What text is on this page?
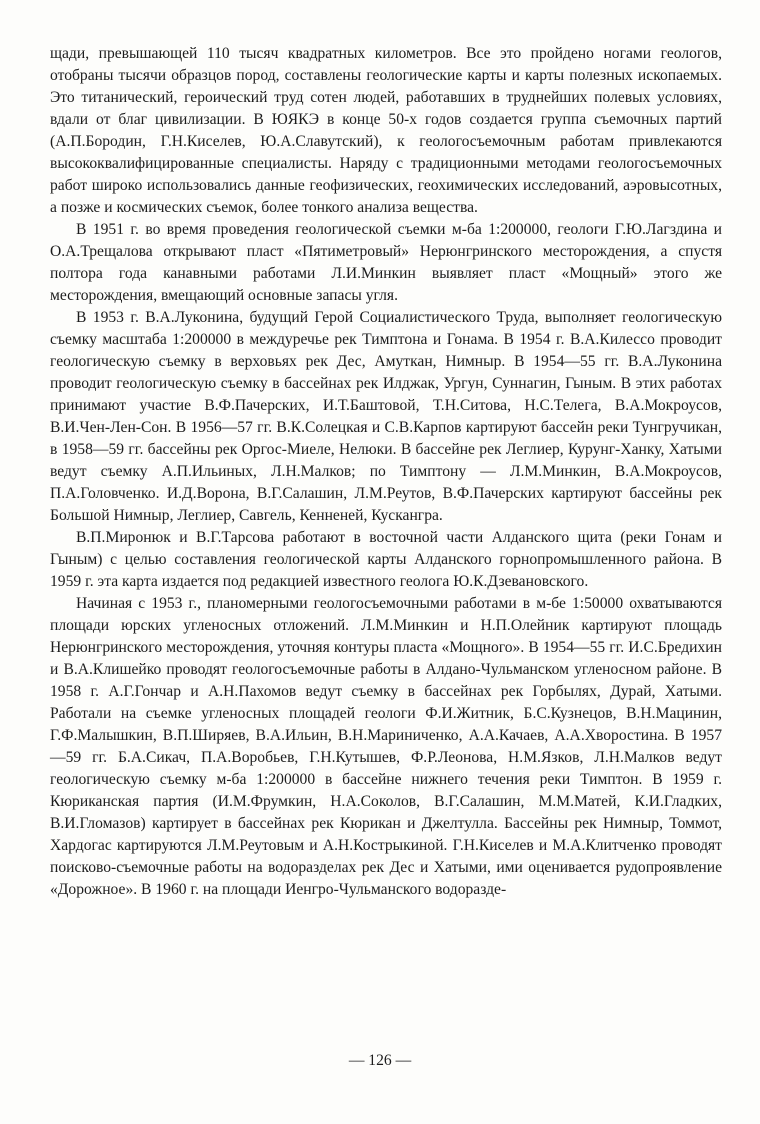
щади, превышающей 110 тысяч квадратных километров. Все это пройдено ногами геологов, отобраны тысячи образцов пород, составлены геологические карты и карты полезных ископаемых. Это титанический, героический труд сотен людей, работавших в труднейших полевых условиях, вдали от благ цивилизации. В ЮЯКЭ в конце 50-х годов создается группа съемочных партий (А.П.Бородин, Г.Н.Киселев, Ю.А.Славутский), к геологосъемочным работам привлекаются высококвалифицированные специалисты. Наряду с традиционными методами геологосъемочных работ широко использовались данные геофизических, геохимических исследований, аэровысотных, а позже и космических съемок, более тонкого анализа вещества.

В 1951 г. во время проведения геологической съемки м-ба 1:200000, геологи Г.Ю.Лагздина и О.А.Трещалова открывают пласт «Пятиметровый» Нерюнгринского месторождения, а спустя полтора года канавными работами Л.И.Минкин выявляет пласт «Мощный» этого же месторождения, вмещающий основные запасы угля.

В 1953 г. В.А.Луконина, будущий Герой Социалистического Труда, выполняет геологическую съемку масштаба 1:200000 в междуречье рек Тимптона и Гонама. В 1954 г. В.А.Килессо проводит геологическую съемку в верховьях рек Дес, Амуткан, Нимныр. В 1954—55 гг. В.А.Луконина проводит геологическую съемку в бассейнах рек Илджак, Ургун, Суннагин, Гыным. В этих работах принимают участие В.Ф.Пачерских, И.Т.Баштовой, Т.Н.Ситова, Н.С.Телега, В.А.Мокроусов, В.И.Чен-Лен-Сон. В 1956—57 гг. В.К.Солецкая и С.В.Карпов картируют бассейн реки Тунгручикан, в 1958—59 гг. бассейны рек Оргос-Миеле, Нелюки. В бассейне рек Леглиер, Курунг-Ханку, Хатыми ведут съемку А.П.Ильиных, Л.Н.Малков; по Тимптону — Л.М.Минкин, В.А.Мокроусов, П.А.Головченко. И.Д.Ворона, В.Г.Салашин, Л.М.Реутов, В.Ф.Пачерских картируют бассейны рек Большой Нимныр, Леглиер, Савгель, Кенненей, Кускангра.

В.П.Миронюк и В.Г.Тарсова работают в восточной части Алданского щита (реки Гонам и Гыным) с целью составления геологической карты Алданского горнопромышленного района. В 1959 г. эта карта издается под редакцией известного геолога Ю.К.Дзевановского.

Начиная с 1953 г., планомерными геологосъемочными работами в м-бе 1:50000 охватываются площади юрских угленосных отложений. Л.М.Минкин и Н.П.Олейник картируют площадь Нерюнгринского месторождения, уточняя контуры пласта «Мощного». В 1954—55 гг. И.С.Бредихин и В.А.Клишейко проводят геологосъемочные работы в Алдано-Чульманском угленосном районе. В 1958 г. А.Г.Гончар и А.Н.Пахомов ведут съемку в бассейнах рек Горбылях, Дурай, Хатыми. Работали на съемке угленосных площадей геологи Ф.И.Житник, Б.С.Кузнецов, В.Н.Мацинин, Г.Ф.Малышкин, В.П.Ширяев, В.А.Ильин, В.Н.Мариниченко, А.А.Качаев, А.А.Хворостина. В 1957—59 гг. Б.А.Сикач, П.А.Воробьев, Г.Н.Кутышев, Ф.Р.Леонова, Н.М.Язков, Л.Н.Малков ведут геологическую съемку м-ба 1:200000 в бассейне нижнего течения реки Тимптон. В 1959 г. Кюриканская партия (И.М.Фрумкин, Н.А.Соколов, В.Г.Салашин, М.М.Матей, К.И.Гладких, В.И.Гломазов) картирует в бассейнах рек Кюрикан и Джелтулла. Бассейны рек Нимныр, Томмот, Хардогас картируются Л.М.Реутовым и А.Н.Кострыкиной. Г.Н.Киселев и М.А.Клитченко проводят поисково-съемочные работы на водоразделах рек Дес и Хатыми, ими оценивается рудопроявление «Дорожное». В 1960 г. на площади Иенгро-Чульманского водоразде-

— 126 —
